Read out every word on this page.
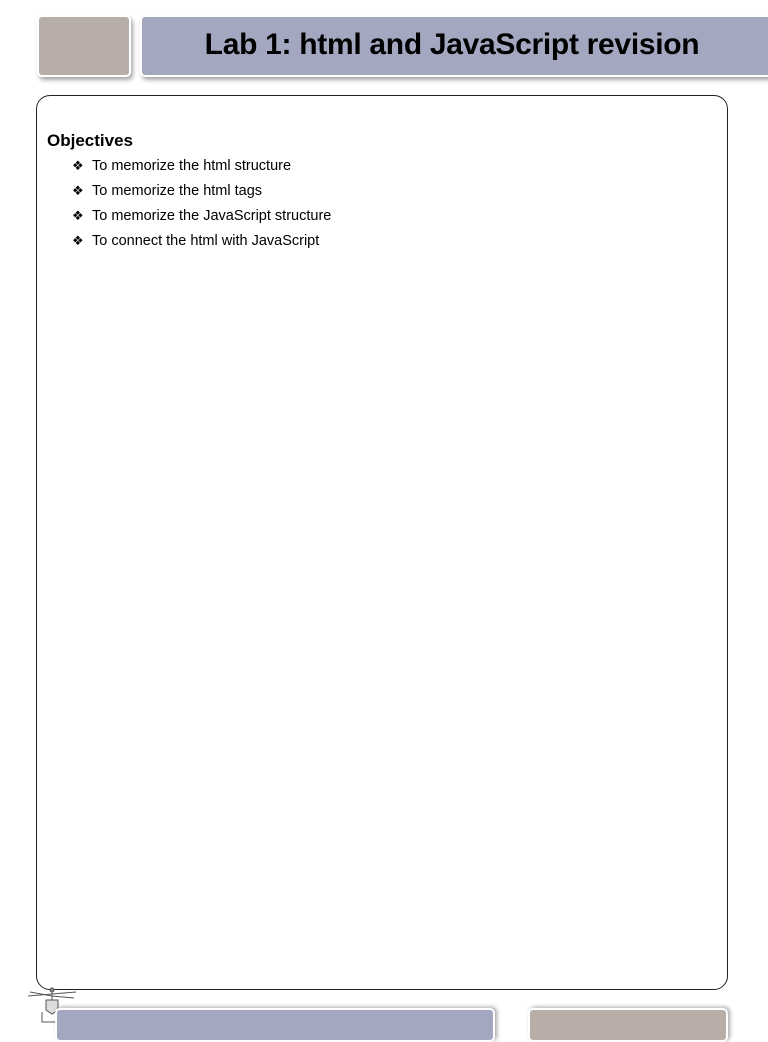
Lab 1: html and JavaScript revision
Objectives
❖ To memorize the html structure
❖ To memorize the html tags
❖ To memorize the JavaScript structure
❖ To connect the html with JavaScript
